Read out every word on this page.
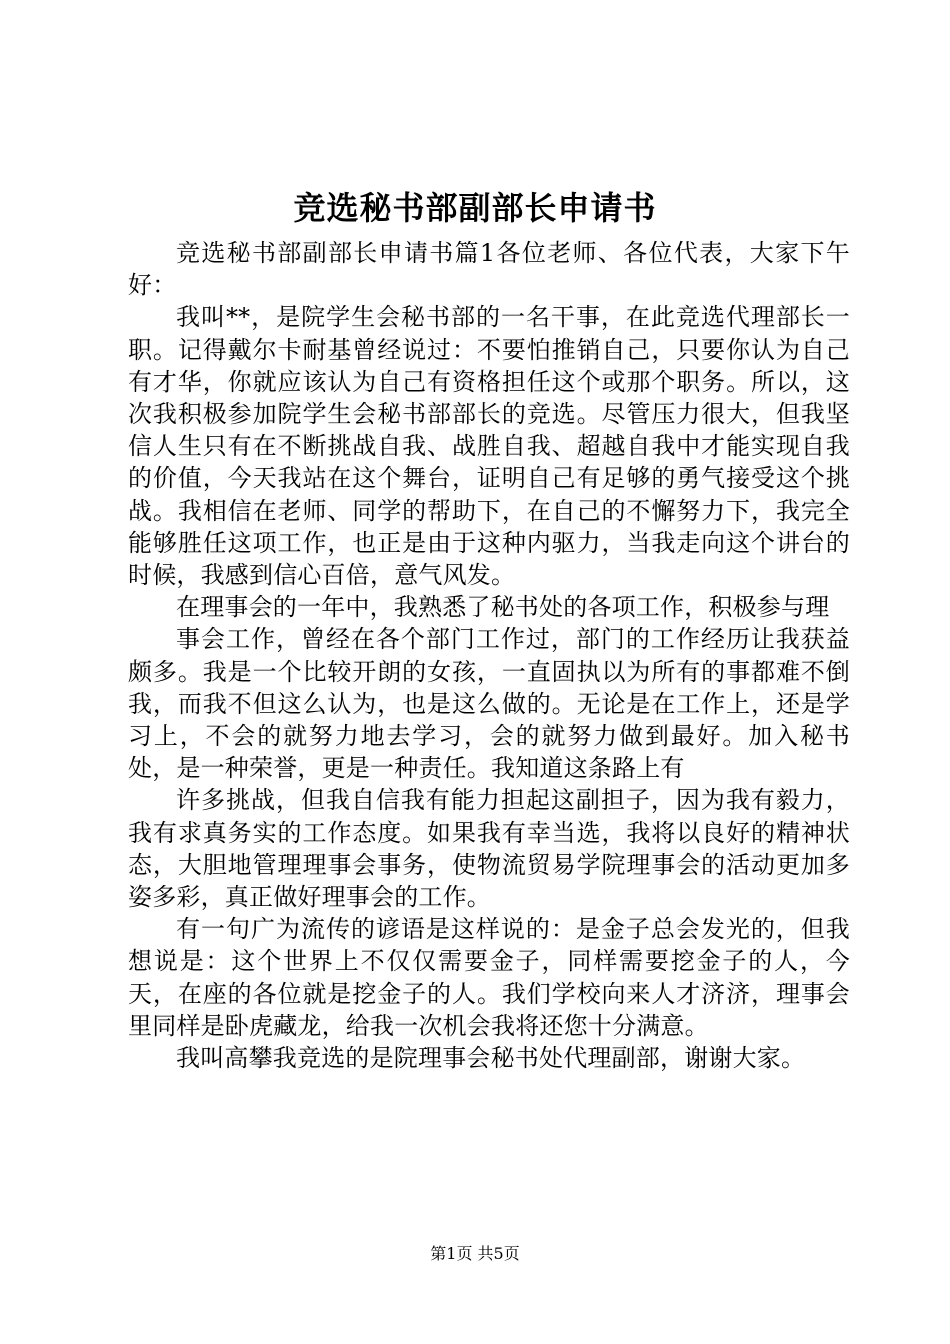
竞选秘书部副部长申请书

竞选秘书部副部长申请书篇1各位老师、各位代表，大家下午好：

我叫**，是院学生会秘书部的一名干事，在此竞选代理部长一职。记得戴尔卡耐基曾经说过：不要怕推销自己，只要你认为自己有才华，你就应该认为自己有资格担任这个或那个职务。所以，这次我积极参加院学生会秘书部部长的竞选。尽管压力很大，但我坚信人生只有在不断挑战自我、战胜自我、超越自我中才能实现自我的价值，今天我站在这个舞台，证明自己有足够的勇气接受这个挑战。我相信在老师、同学的帮助下，在自己的不懈努力下，我完全能够胜任这项工作，也正是由于这种内驱力，当我走向这个讲台的时候，我感到信心百倍，意气风发。

在理事会的一年中，我熟悉了秘书处的各项工作，积极参与理

事会工作，曾经在各个部门工作过，部门的工作经历让我获益颇多。我是一个比较开朗的女孩，一直固执以为所有的事都难不倒我，而我不但这么认为，也是这么做的。无论是在工作上，还是学习上，不会的就努力地去学习，会的就努力做到最好。加入秘书处，是一种荣誉，更是一种责任。我知道这条路上有

许多挑战，但我自信我有能力担起这副担子，因为我有毅力，我有求真务实的工作态度。如果我有幸当选，我将以良好的精神状态，大胆地管理理事会事务，使物流贸易学院理事会的活动更加多姿多彩，真正做好理事会的工作。

有一句广为流传的谚语是这样说的：是金子总会发光的，但我想说是：这个世界上不仅仅需要金子，同样需要挖金子的人，今天，在座的各位就是挖金子的人。我们学校向来人才济济，理事会里同样是卧虎藏龙，给我一次机会我将还您十分满意。

我叫高攀我竞选的是院理事会秘书处代理副部，谢谢大家。

第1页 共5页
